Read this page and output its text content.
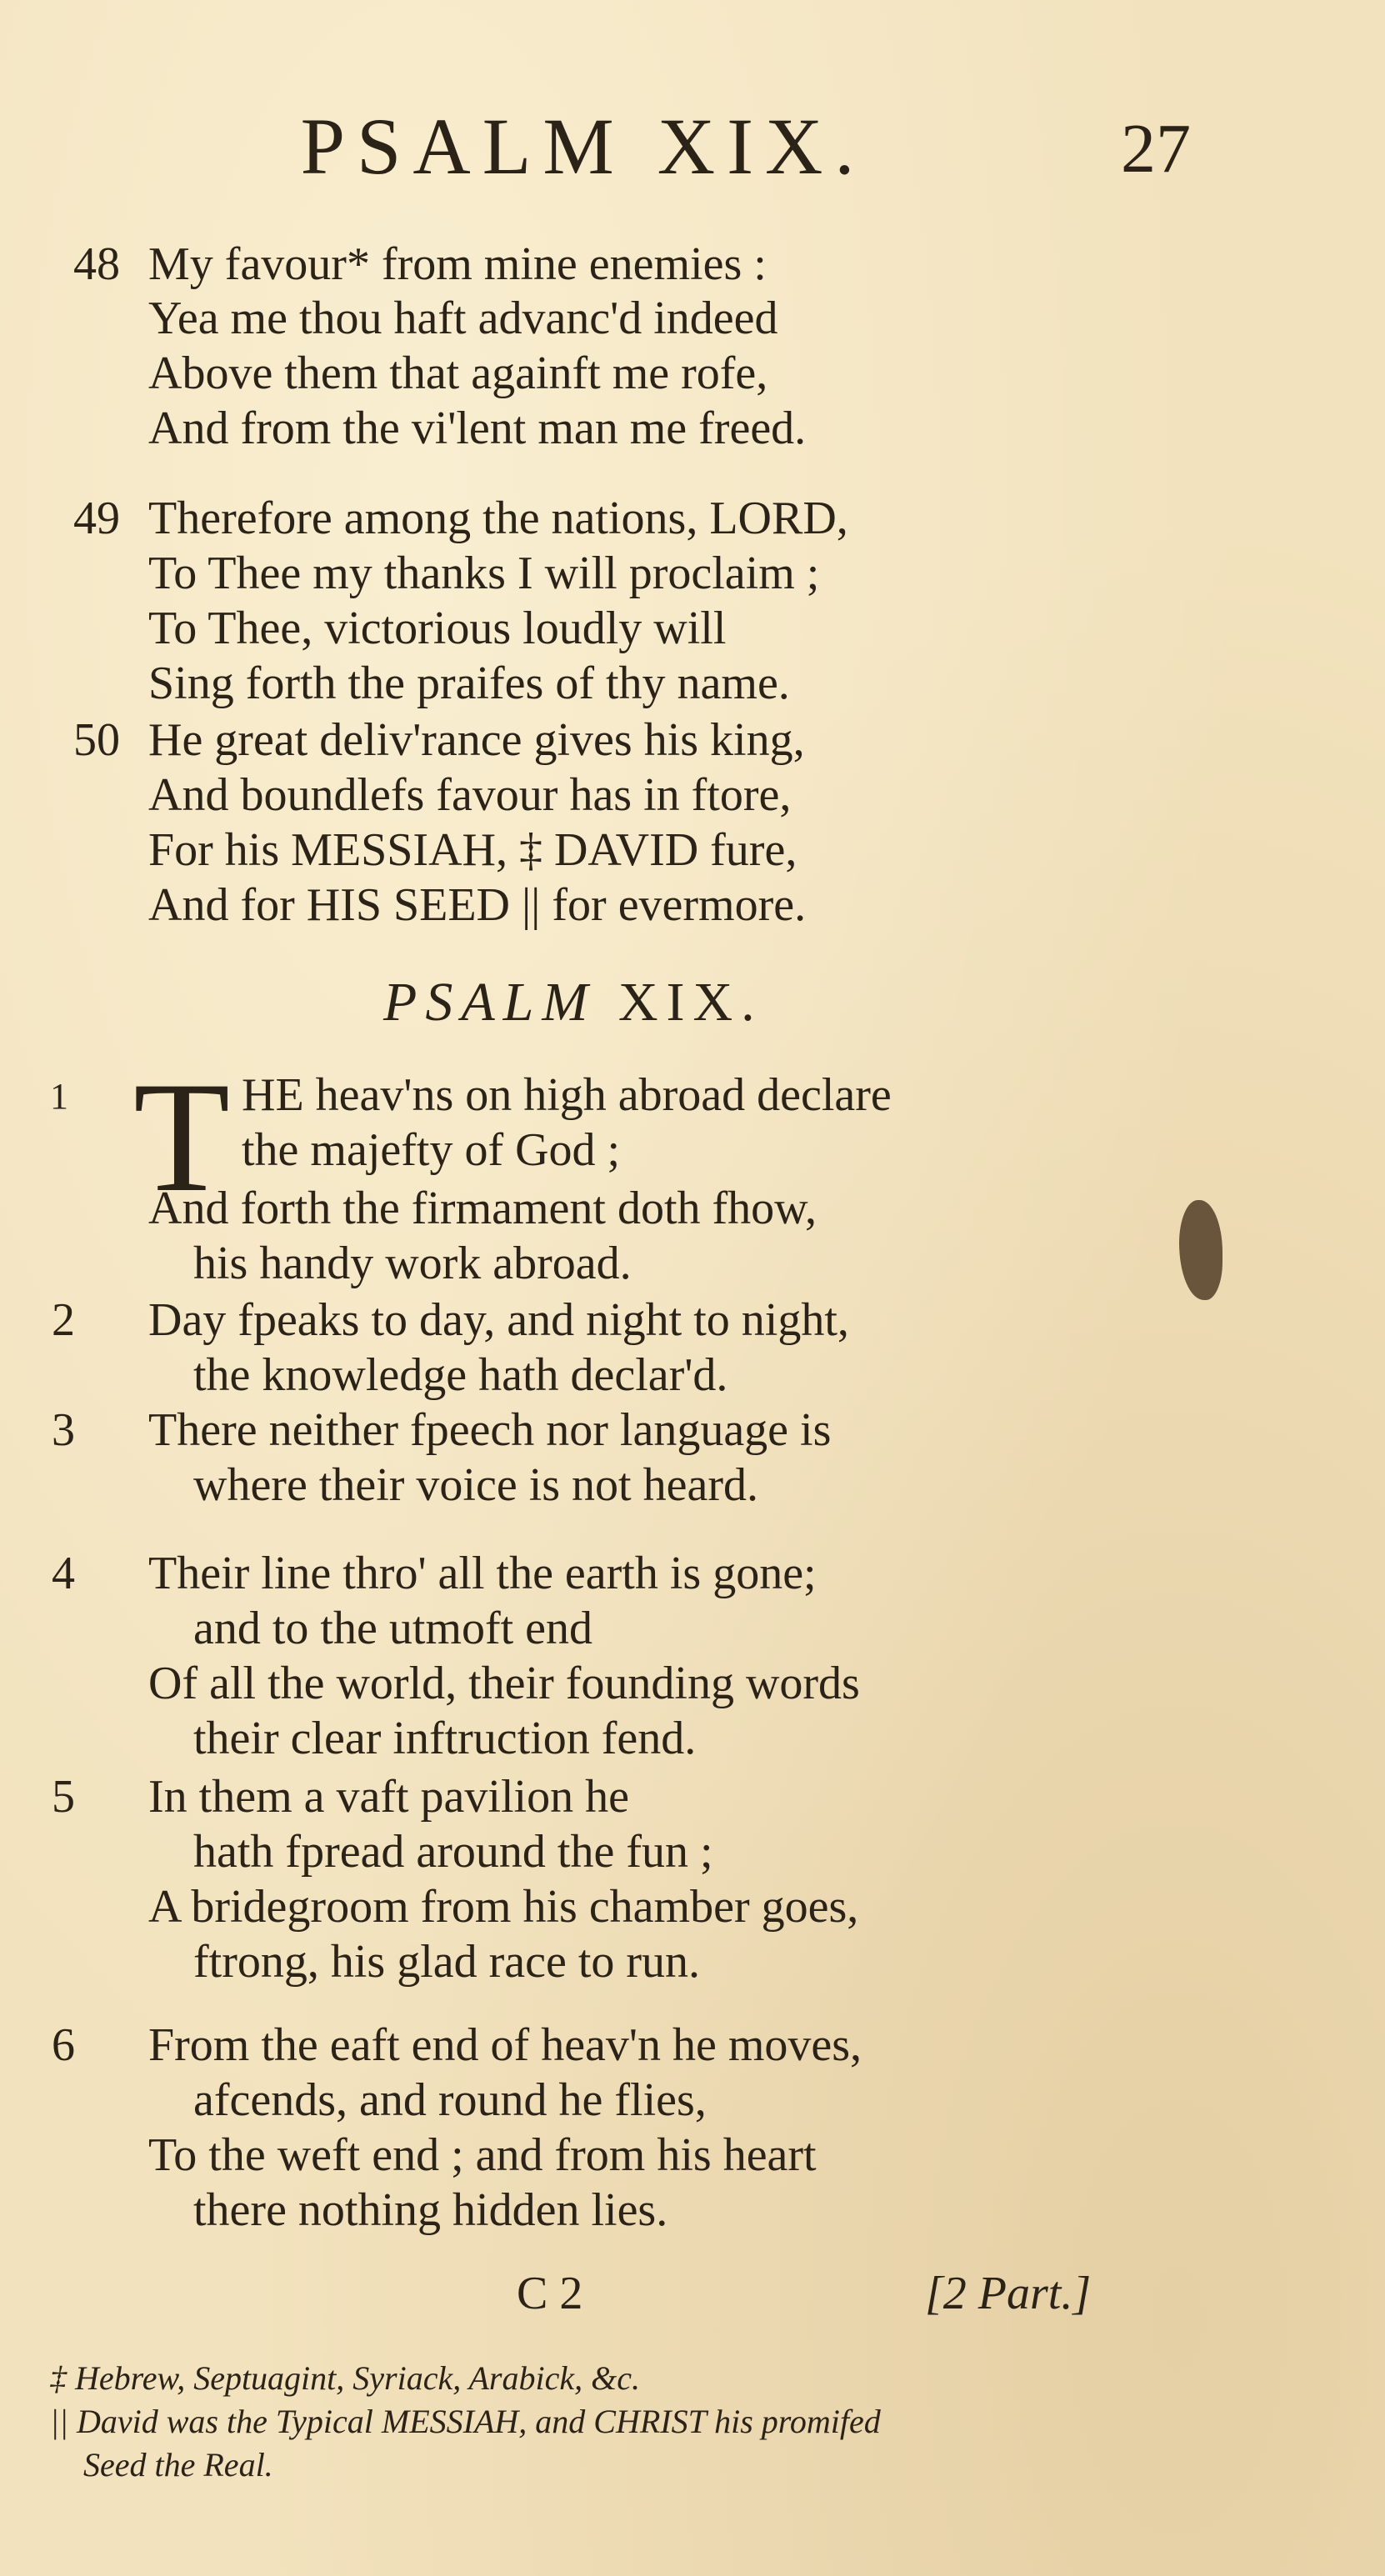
PSALM XIX.	27
48 My favour* from mine enemies :
Yea me thou haft advanc'd indeed
Above them that againft me rofe,
And from the vi'lent man me freed.
49 Therefore among the nations, LORD,
To Thee my thanks I will proclaim ;
To Thee, victorious loudly will
Sing forth the praifes of thy name.
50 He great deliv'rance gives his king,
And boundlefs favour has in ftore,
For his MESSIAH, ‡ DAVID fure,
And for HIS SEED || for evermore.
PSALM XIX.
1 T HE heav'ns on high abroad declare
the majefty of God ;
And forth the firmament doth fhow,
his handy work abroad.
2 Day fpeaks to day, and night to night,
the knowledge hath declar'd.
3 There neither fpeech nor language is
where their voice is not heard.
4 Their line thro' all the earth is gone;
and to the utmoft end
Of all the world, their founding words
their clear inftruction fend.
5 In them a vaft pavilion he
hath fpread around the fun ;
A bridegroom from his chamber goes,
ftrong, his glad race to run.
6 From the eaft end of heav'n he moves,
afcends, and round he flies,
To the weft end ; and from his heart
there nothing hidden lies.
C 2	[2 Part.]
‡ Hebrew, Septuagint, Syriack, Arabick, &c.
|| David was the Typical MESSIAH, and CHRIST his promifed
Seed the Real.
